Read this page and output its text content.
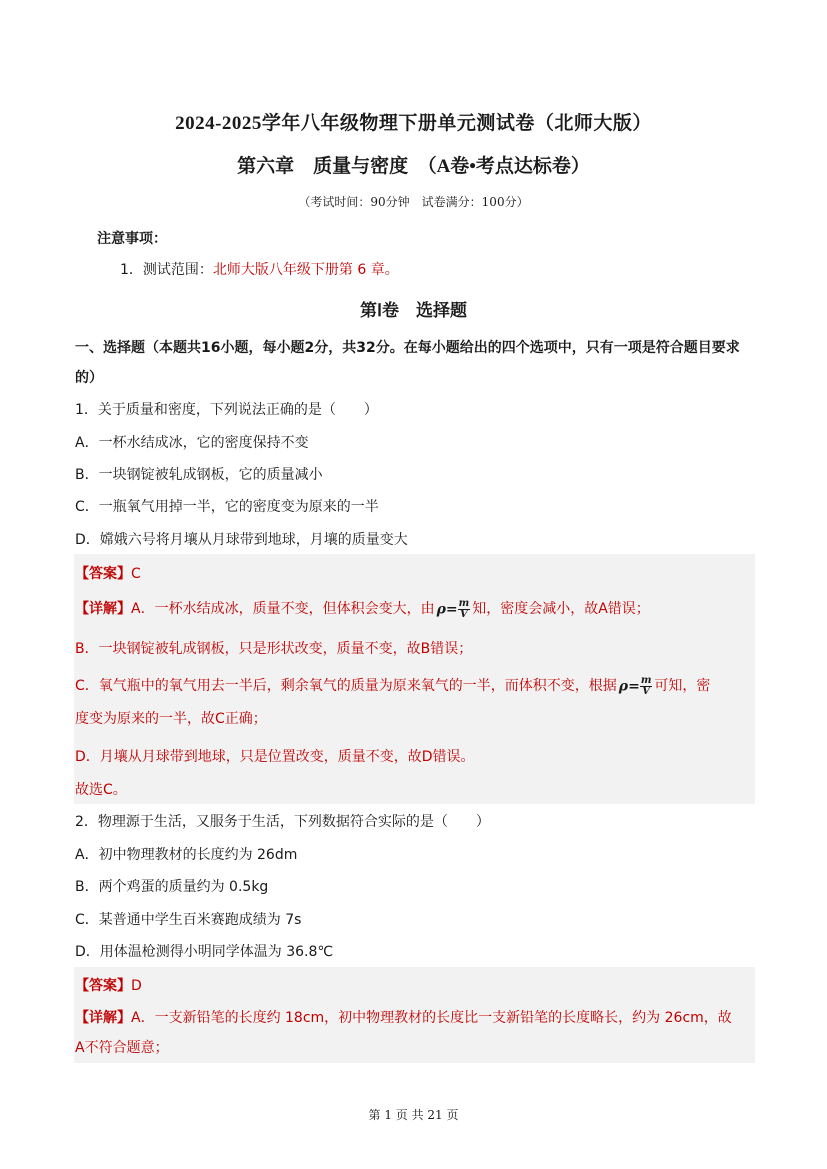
2024-2025学年八年级物理下册单元测试卷（北师大版）
第六章　质量与密度　（A卷•考点达标卷）
（考试时间：90分钟　试卷满分：100分）
注意事项：
1．测试范围：北师大版八年级下册第 6 章。
第Ⅰ卷　选择题
一、选择题（本题共16小题，每小题2分，共32分。在每小题给出的四个选项中，只有一项是符合题目要求的）
1．关于质量和密度，下列说法正确的是（　　）
A．一杯水结成冰，它的密度保持不变
B．一块钢锭被轧成钢板，它的质量减小
C．一瓶氧气用掉一半，它的密度变为原来的一半
D．嫦娥六号将月壤从月球带到地球，月壤的质量变大
【答案】C
【详解】A．一杯水结成冰，质量不变，但体积会变大，由 $\rho= \frac{m}{V}$ 知，密度会减小，故A错误；
B．一块钢锭被轧成钢板，只是形状改变，质量不变，故B错误；
C．氧气瓶中的氧气用去一半后，剩余氧气的质量为原来氧气的一半，而体积不变，根据 $\rho= \frac{m}{V}$ 可知，密
度变为原来的一半，故C正确；
D．月壤从月球带到地球，只是位置改变，质量不变，故D错误。
故选C。
2．物理源于生活，又服务于生活，下列数据符合实际的是（　　）
A．初中物理教材的长度约为 26dm
B．两个鸡蛋的质量约为 0.5kg
C．某普通中学生百米赛跑成绩为 7s
D．用体温枪测得小明同学体温为 36.8℃
【答案】D
【详解】A．一支新铅笔的长度约 18cm，初中物理教材的长度比一支新铅笔的长度略长，约为 26cm，故
A不符合题意；
第 1 页 共 21 页
